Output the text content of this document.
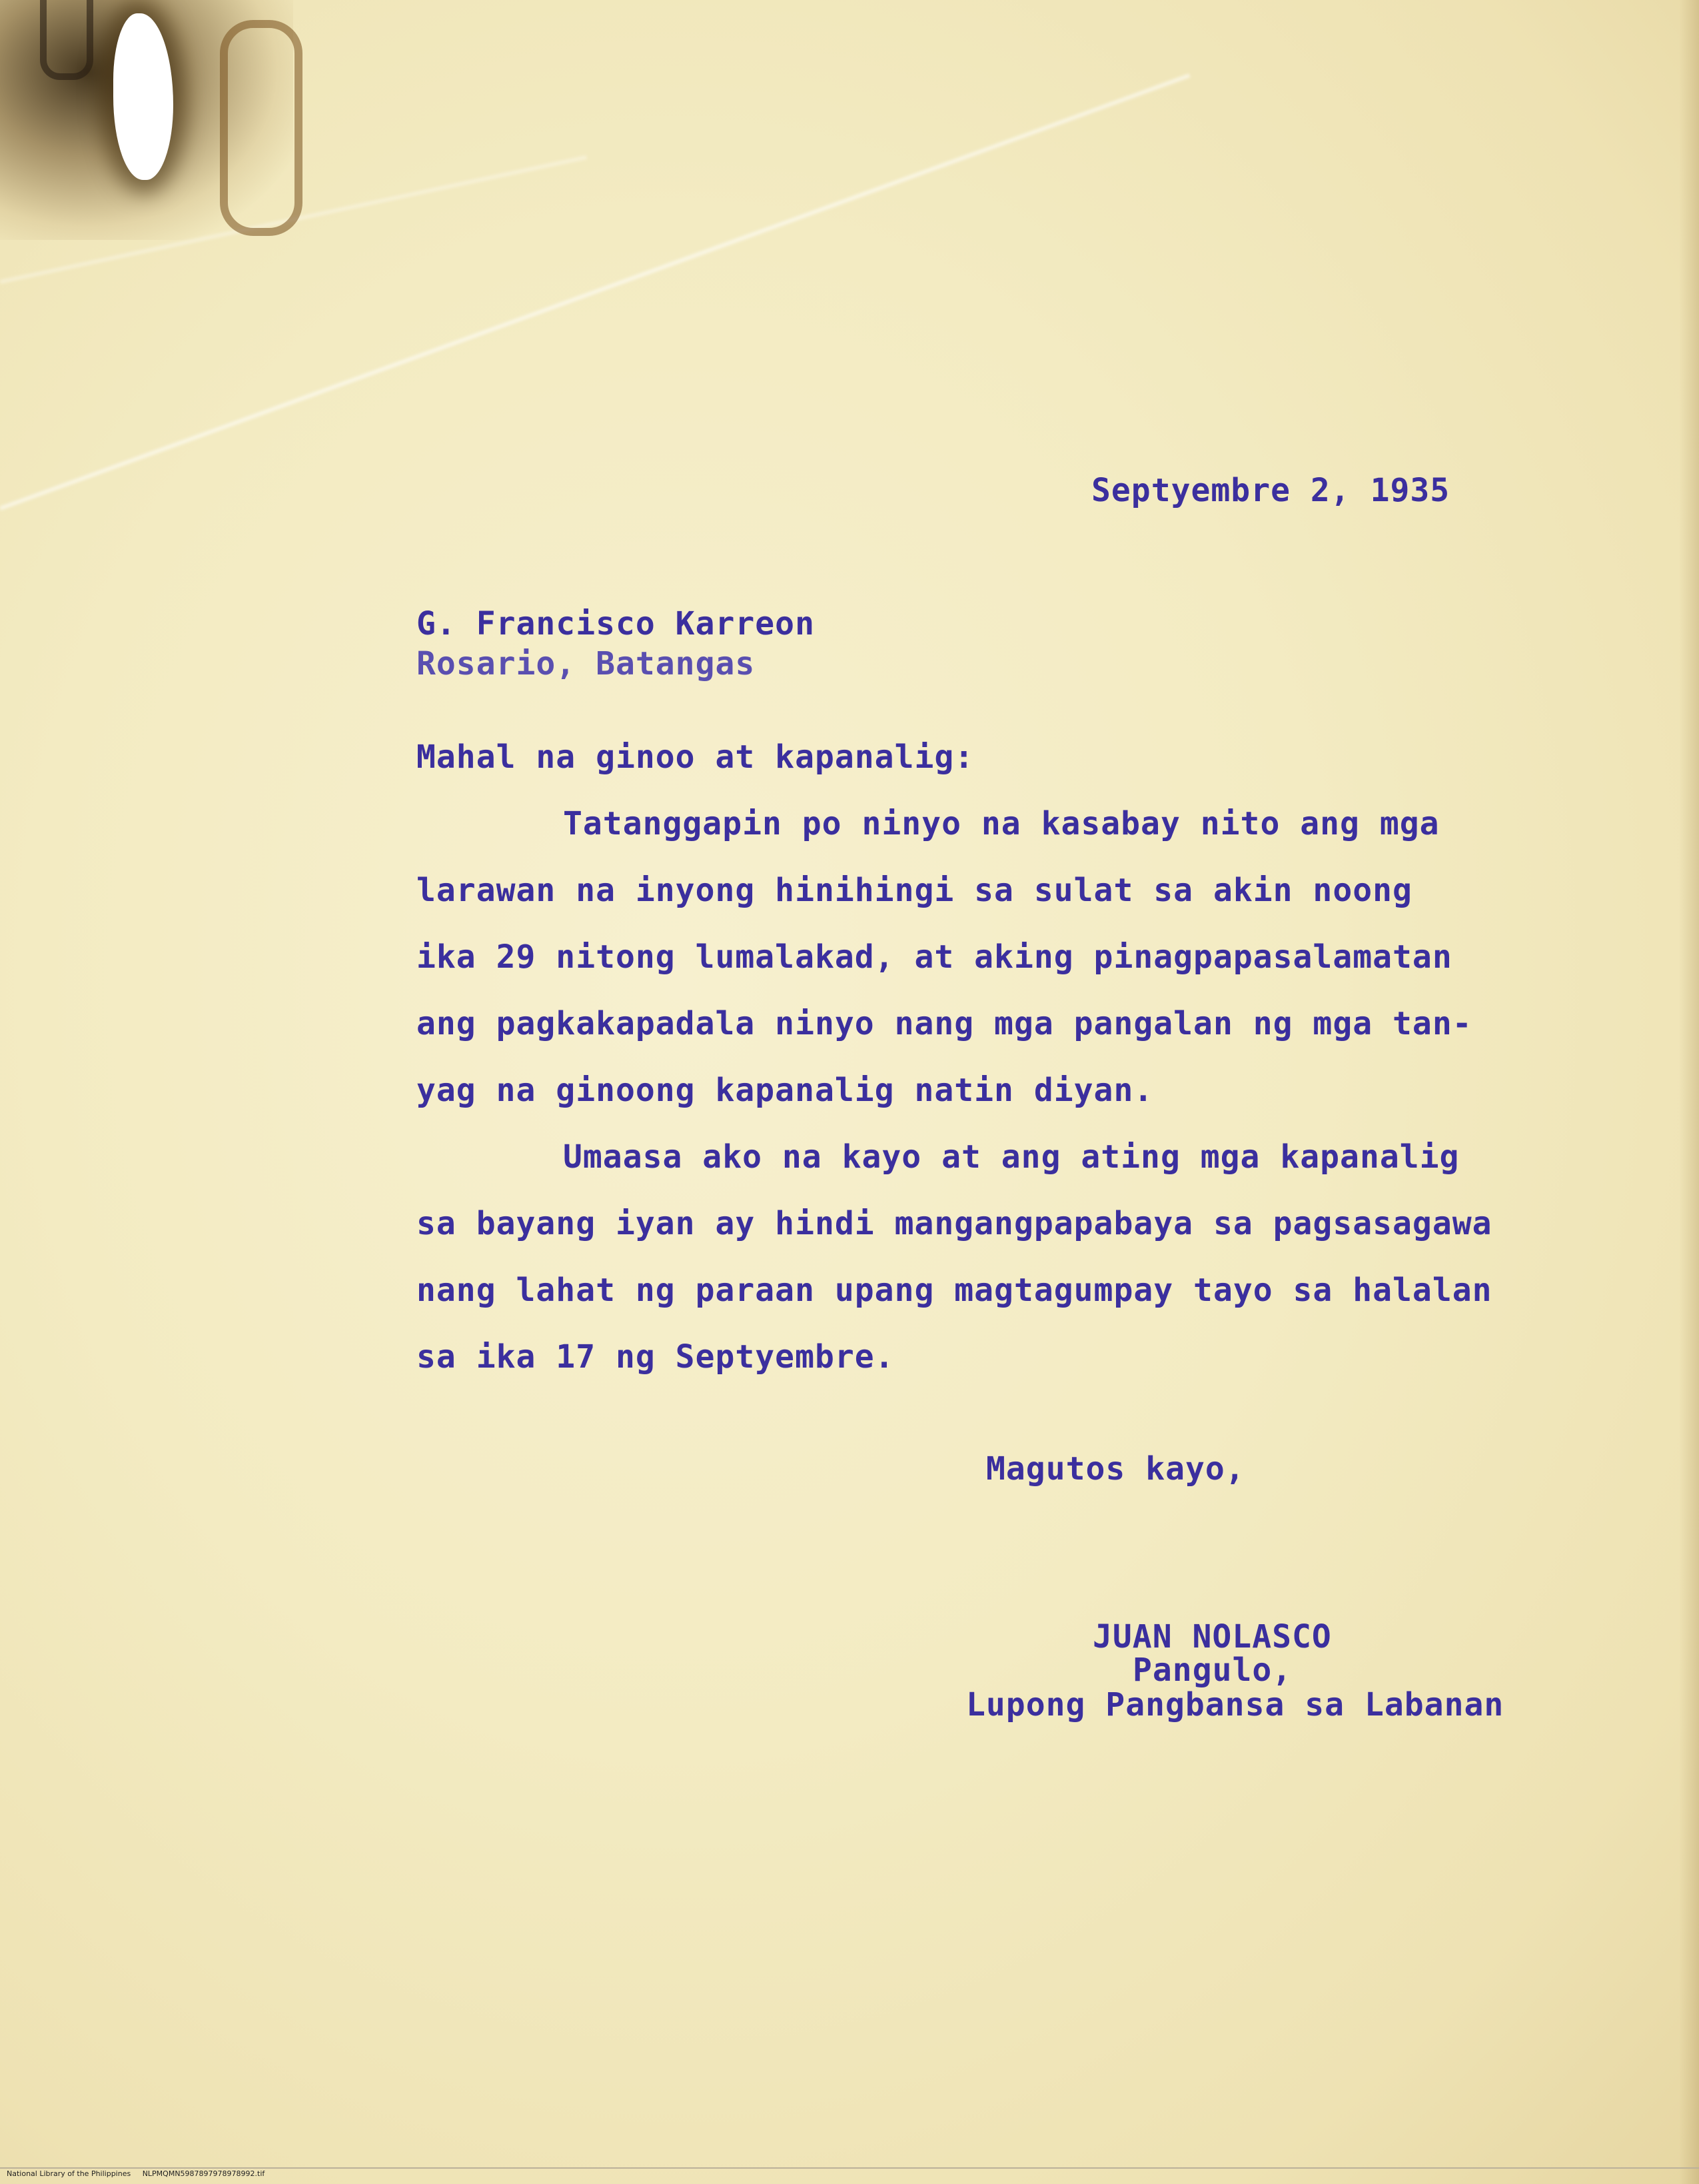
Septyembre 2, 1935
G. Francisco Karreon
Rosario, Batangas
Mahal na ginoo at kapanalig:
Tatanggapin po ninyo na kasabay nito ang mga
larawan na inyong hinihingi sa sulat sa akin noong
ika 29 nitong lumalakad, at aking pinagpapasalamatan
ang pagkakapadala ninyo nang mga pangalan ng mga tan-
yag na ginoong kapanalig natin diyan.
Umaasa ako na kayo at ang ating mga kapanalig
sa bayang iyan ay hindi mangangpapabaya sa pagsasagawa
nang lahat ng paraan upang magtagumpay tayo sa halalan
sa ika 17 ng Septyembre.
Magutos kayo,
JUAN NOLASCO
Pangulo,
Lupong Pangbansa sa Labanan
National Library of the Philippines     NLPMQMN5987897978978992.tif
